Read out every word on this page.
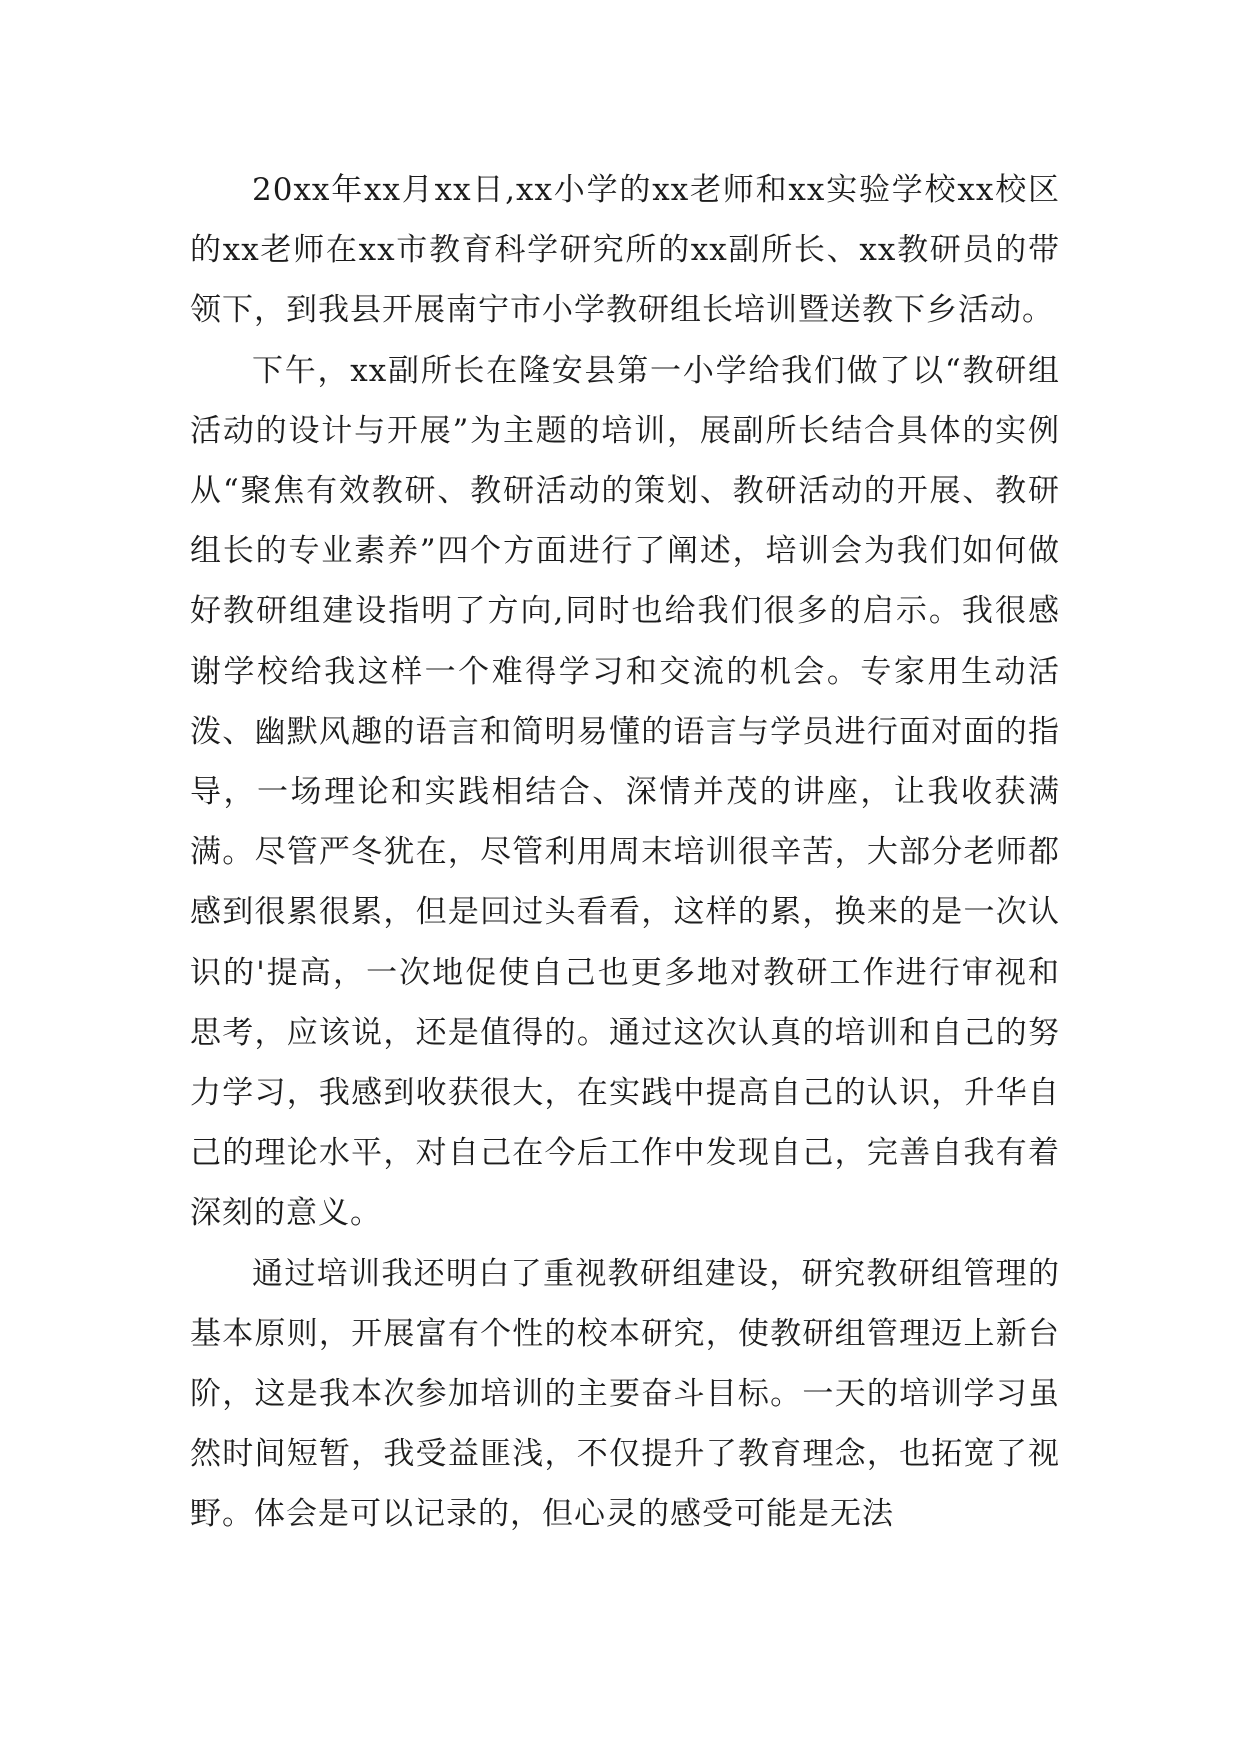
20xx年xx月xx日,xx小学的xx老师和xx实验学校xx校区的xx老师在xx市教育科学研究所的xx副所长、xx教研员的带领下，到我县开展南宁市小学教研组长培训暨送教下乡活动。

下午，xx副所长在隆安县第一小学给我们做了以“教研组活动的设计与开展”为主题的培训，展副所长结合具体的实例从“聚焦有效教研、教研活动的策划、教研活动的开展、教研组长的专业素养”四个方面进行了阐述，培训会为我们如何做好教研组建设指明了方向,同时也给我们很多的启示。我很感谢学校给我这样一个难得学习和交流的机会。专家用生动活泼、幽默风趣的语言和简明易懂的语言与学员进行面对面的指导，一场理论和实践相结合、深情并茂的讲座，让我收获满满。尽管严冬犹在，尽管利用周末培训很辛苦，大部分老师都感到很累很累，但是回过头看看，这样的累，换来的是一次认识的'提高，一次地促使自己也更多地对教研工作进行审视和思考，应该说，还是值得的。通过这次认真的培训和自己的努力学习，我感到收获很大，在实践中提高自己的认识，升华自己的理论水平，对自己在今后工作中发现自己，完善自我有着深刻的意义。

通过培训我还明白了重视教研组建设，研究教研组管理的基本原则，开展富有个性的校本研究，使教研组管理迈上新台阶，这是我本次参加培训的主要奋斗目标。一天的培训学习虽然时间短暂，我受益匪浅，不仅提升了教育理念，也拓宽了视野。体会是可以记录的，但心灵的感受可能是无法
